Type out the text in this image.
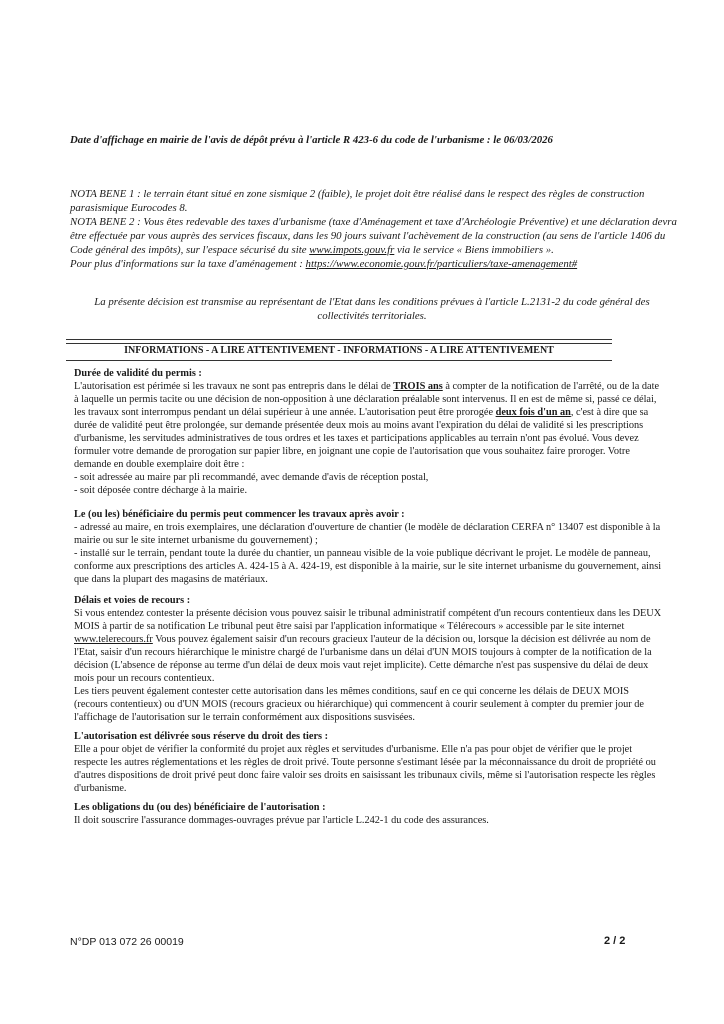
Date d'affichage en mairie de l'avis de dépôt prévu à l'article R 423-6 du code de l'urbanisme : le 06/03/2026

NOTA BENE 1 : le terrain étant situé en zone sismique 2 (faible), le projet doit être réalisé dans le respect des règles de construction parasismique Eurocodes 8.

NOTA BENE 2 : Vous êtes redevable des taxes d'urbanisme (taxe d'Aménagement et taxe d'Archéologie Préventive) et une déclaration devra être effectuée par vous auprès des services fiscaux, dans les 90 jours suivant l'achèvement de la construction (au sens de l'article 1406 du Code général des impôts), sur l'espace sécurisé du site www.impots.gouv.fr via le service « Biens immobiliers ».

Pour plus d'informations sur la taxe d'aménagement : https://www.economie.gouv.fr/particuliers/taxe-amenagement#

La présente décision est transmise au représentant de l'Etat dans les conditions prévues à l'article L.2131-2 du code général des collectivités territoriales.

INFORMATIONS - A LIRE ATTENTIVEMENT - INFORMATIONS - A LIRE ATTENTIVEMENT
Durée de validité du permis :

L'autorisation est périmée si les travaux ne sont pas entrepris dans le délai de TROIS ans à compter de la notification de l'arrêté, ou de la date à laquelle un permis tacite ou une décision de non-opposition à une déclaration préalable sont intervenus. Il en est de même si, passé ce délai, les travaux sont interrompus pendant un délai supérieur à une année. L'autorisation peut être prorogée deux fois d'un an, c'est à dire que sa durée de validité peut être prolongée, sur demande présentée deux mois au moins avant l'expiration du délai de validité si les prescriptions d'urbanisme, les servitudes administratives de tous ordres et les taxes et participations applicables au terrain n'ont pas évolué. Vous devez formuler votre demande de prorogation sur papier libre, en joignant une copie de l'autorisation que vous souhaitez faire proroger. Votre demande en double exemplaire doit être :

- soit adressée au maire par pli recommandé, avec demande d'avis de réception postal,

- soit déposée contre décharge à la mairie.

Le (ou les) bénéficiaire du permis peut commencer les travaux après avoir :

- adressé au maire, en trois exemplaires, une déclaration d'ouverture de chantier (le modèle de déclaration CERFA n° 13407 est disponible à la mairie ou sur le site internet urbanisme du gouvernement) ;

- installé sur le terrain, pendant toute la durée du chantier, un panneau visible de la voie publique décrivant le projet. Le modèle de panneau, conforme aux prescriptions des articles A. 424-15 à A. 424-19, est disponible à la mairie, sur le site internet urbanisme du gouvernement, ainsi que dans la plupart des magasins de matériaux.

Délais et voies de recours :

Si vous entendez contester la présente décision vous pouvez saisir le tribunal administratif compétent d'un recours contentieux dans les DEUX MOIS à partir de sa notification Le tribunal peut être saisi par l'application informatique « Télérecours » accessible par le site internet www.telerecours.fr Vous pouvez également saisir d'un recours gracieux l'auteur de la décision ou, lorsque la décision est délivrée au nom de l'Etat, saisir d'un recours hiérarchique le ministre chargé de l'urbanisme dans un délai d'UN MOIS toujours à compter de la notification de la décision (L'absence de réponse au terme d'un délai de deux mois vaut rejet implicite). Cette démarche n'est pas suspensive du délai de deux mois pour un recours contentieux.

Les tiers peuvent également contester cette autorisation dans les mêmes conditions, sauf en ce qui concerne les délais de DEUX MOIS (recours contentieux) ou d'UN MOIS (recours gracieux ou hiérarchique) qui commencent à courir seulement à compter du premier jour de l'affichage de l'autorisation sur le terrain conformément aux dispositions susvisées.

L'autorisation est délivrée sous réserve du droit des tiers :

Elle a pour objet de vérifier la conformité du projet aux règles et servitudes d'urbanisme. Elle n'a pas pour objet de vérifier que le projet respecte les autres réglementations et les règles de droit privé. Toute personne s'estimant lésée par la méconnaissance du droit de propriété ou d'autres dispositions de droit privé peut donc faire valoir ses droits en saisissant les tribunaux civils, même si l'autorisation respecte les règles d'urbanisme.

Les obligations du (ou des) bénéficiaire de l'autorisation :

Il doit souscrire l'assurance dommages-ouvrages prévue par l'article L.242-1 du code des assurances.

N°DP 013 072 26 00019	2 / 2
